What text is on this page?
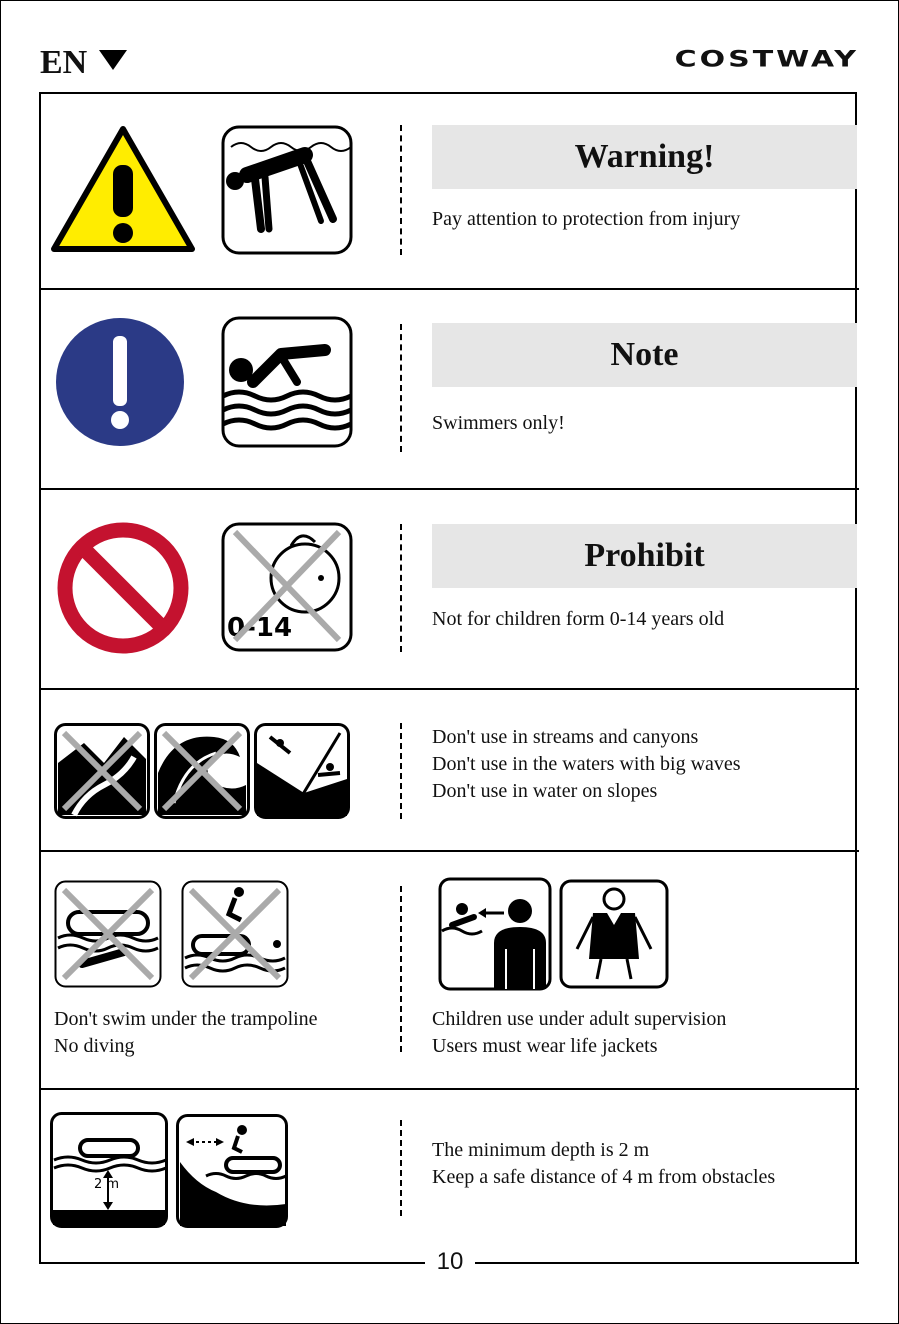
EN	COSTWAY
Warning!
Pay attention to protection from injury
Note
Swimmers only!
0-14
Prohibit
Not for children form 0-14 years old
Don't use in streams and canyons
Don't use in the waters with big waves
Don't use in water on slopes
Don't swim under the trampoline
No diving
Children use under adult supervision
Users must wear life jackets
2 m
The minimum depth is 2 m
Keep a safe distance of 4 m from obstacles
10
